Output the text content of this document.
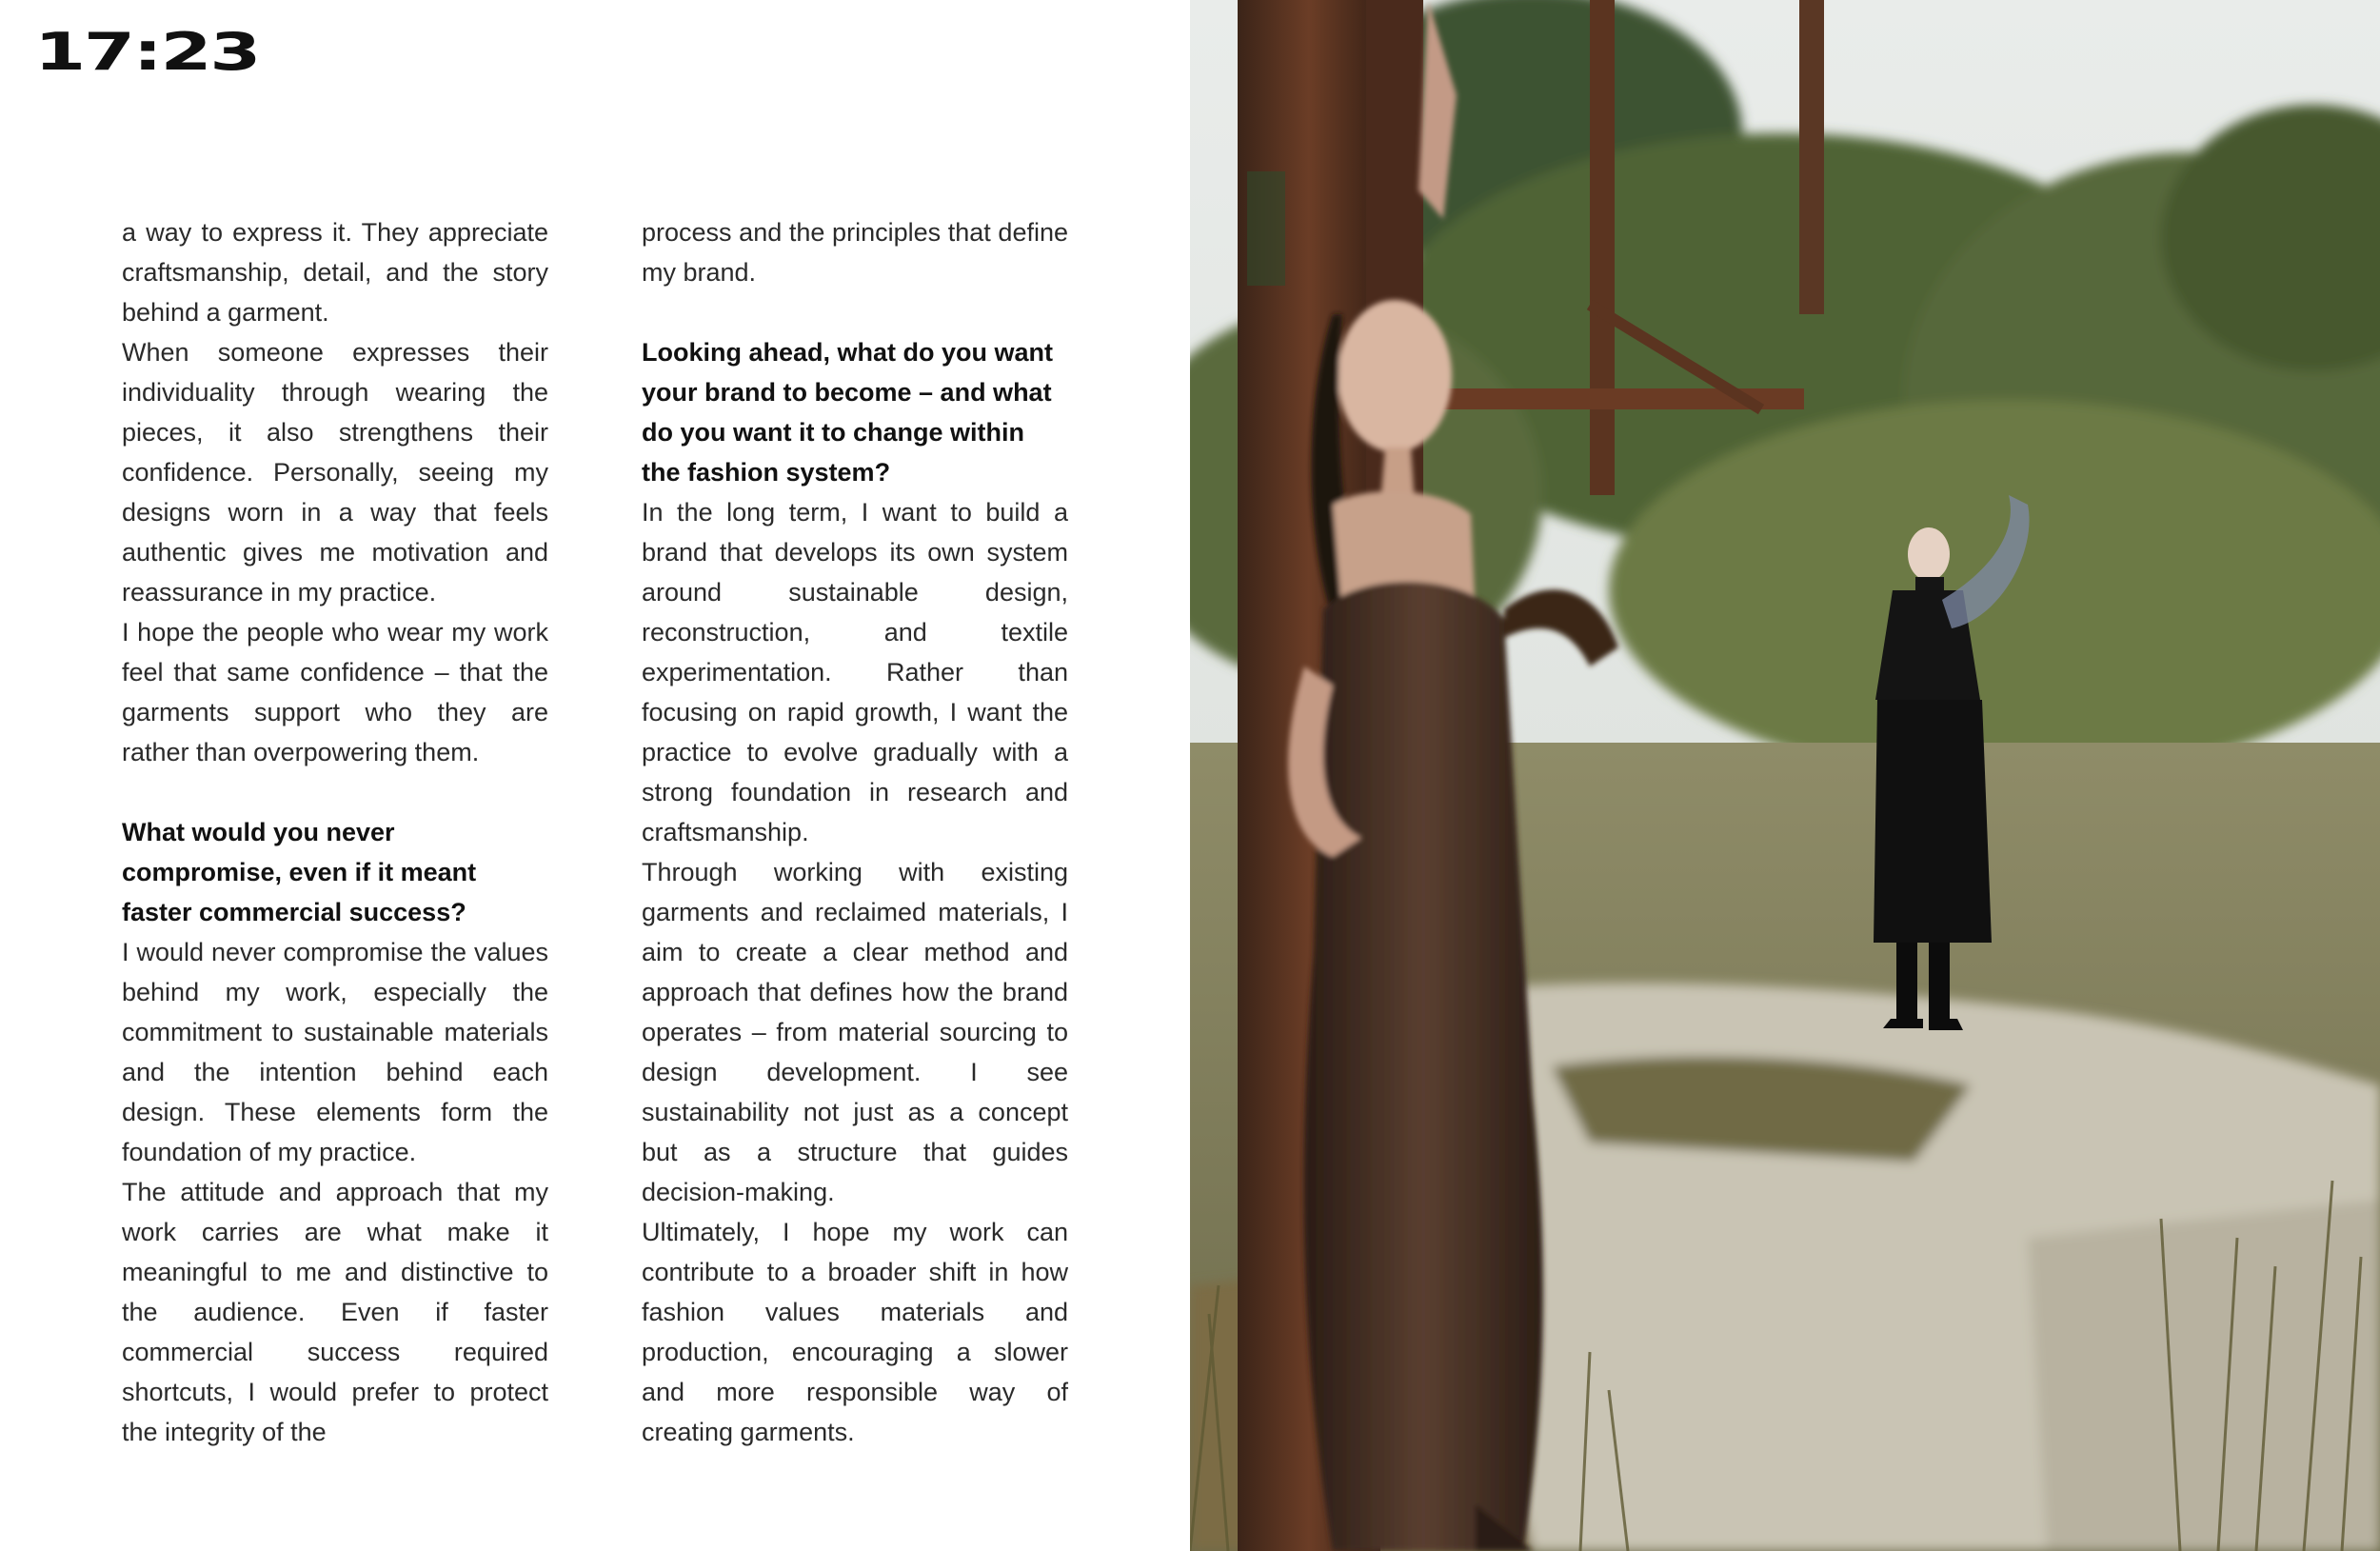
17:23

a way to express it. They appreciate craftsmanship, detail, and the story behind a garment.

When someone expresses their individuality through wearing the pieces, it also strengthens their confidence. Personally, seeing my designs worn in a way that feels authentic gives me motivation and reassurance in my practice.

I hope the people who wear my work feel that same confidence – that the garments support who they are rather than overpowering them.

What would you never compromise, even if it meant faster commercial success?

I would never compromise the values behind my work, especially the commitment to sustainable materials and the intention behind each design. These elements form the foundation of my practice.

The attitude and approach that my work carries are what make it meaningful to me and distinctive to the audience. Even if faster commercial success required shortcuts, I would prefer to protect the integrity of the

process and the principles that define my brand.

Looking ahead, what do you want your brand to become – and what do you want it to change within the fashion system?

In the long term, I want to build a brand that develops its own system around sustainable design, reconstruction, and textile experimentation. Rather than focusing on rapid growth, I want the practice to evolve gradually with a strong foundation in research and craftsmanship.

Through working with existing garments and reclaimed materials, I aim to create a clear method and approach that defines how the brand operates – from material sourcing to design development. I see sustainability not just as a concept but as a structure that guides decision-making.

Ultimately, I hope my work can contribute to a broader shift in how fashion values materials and production, encouraging a slower and more responsible way of creating garments.
